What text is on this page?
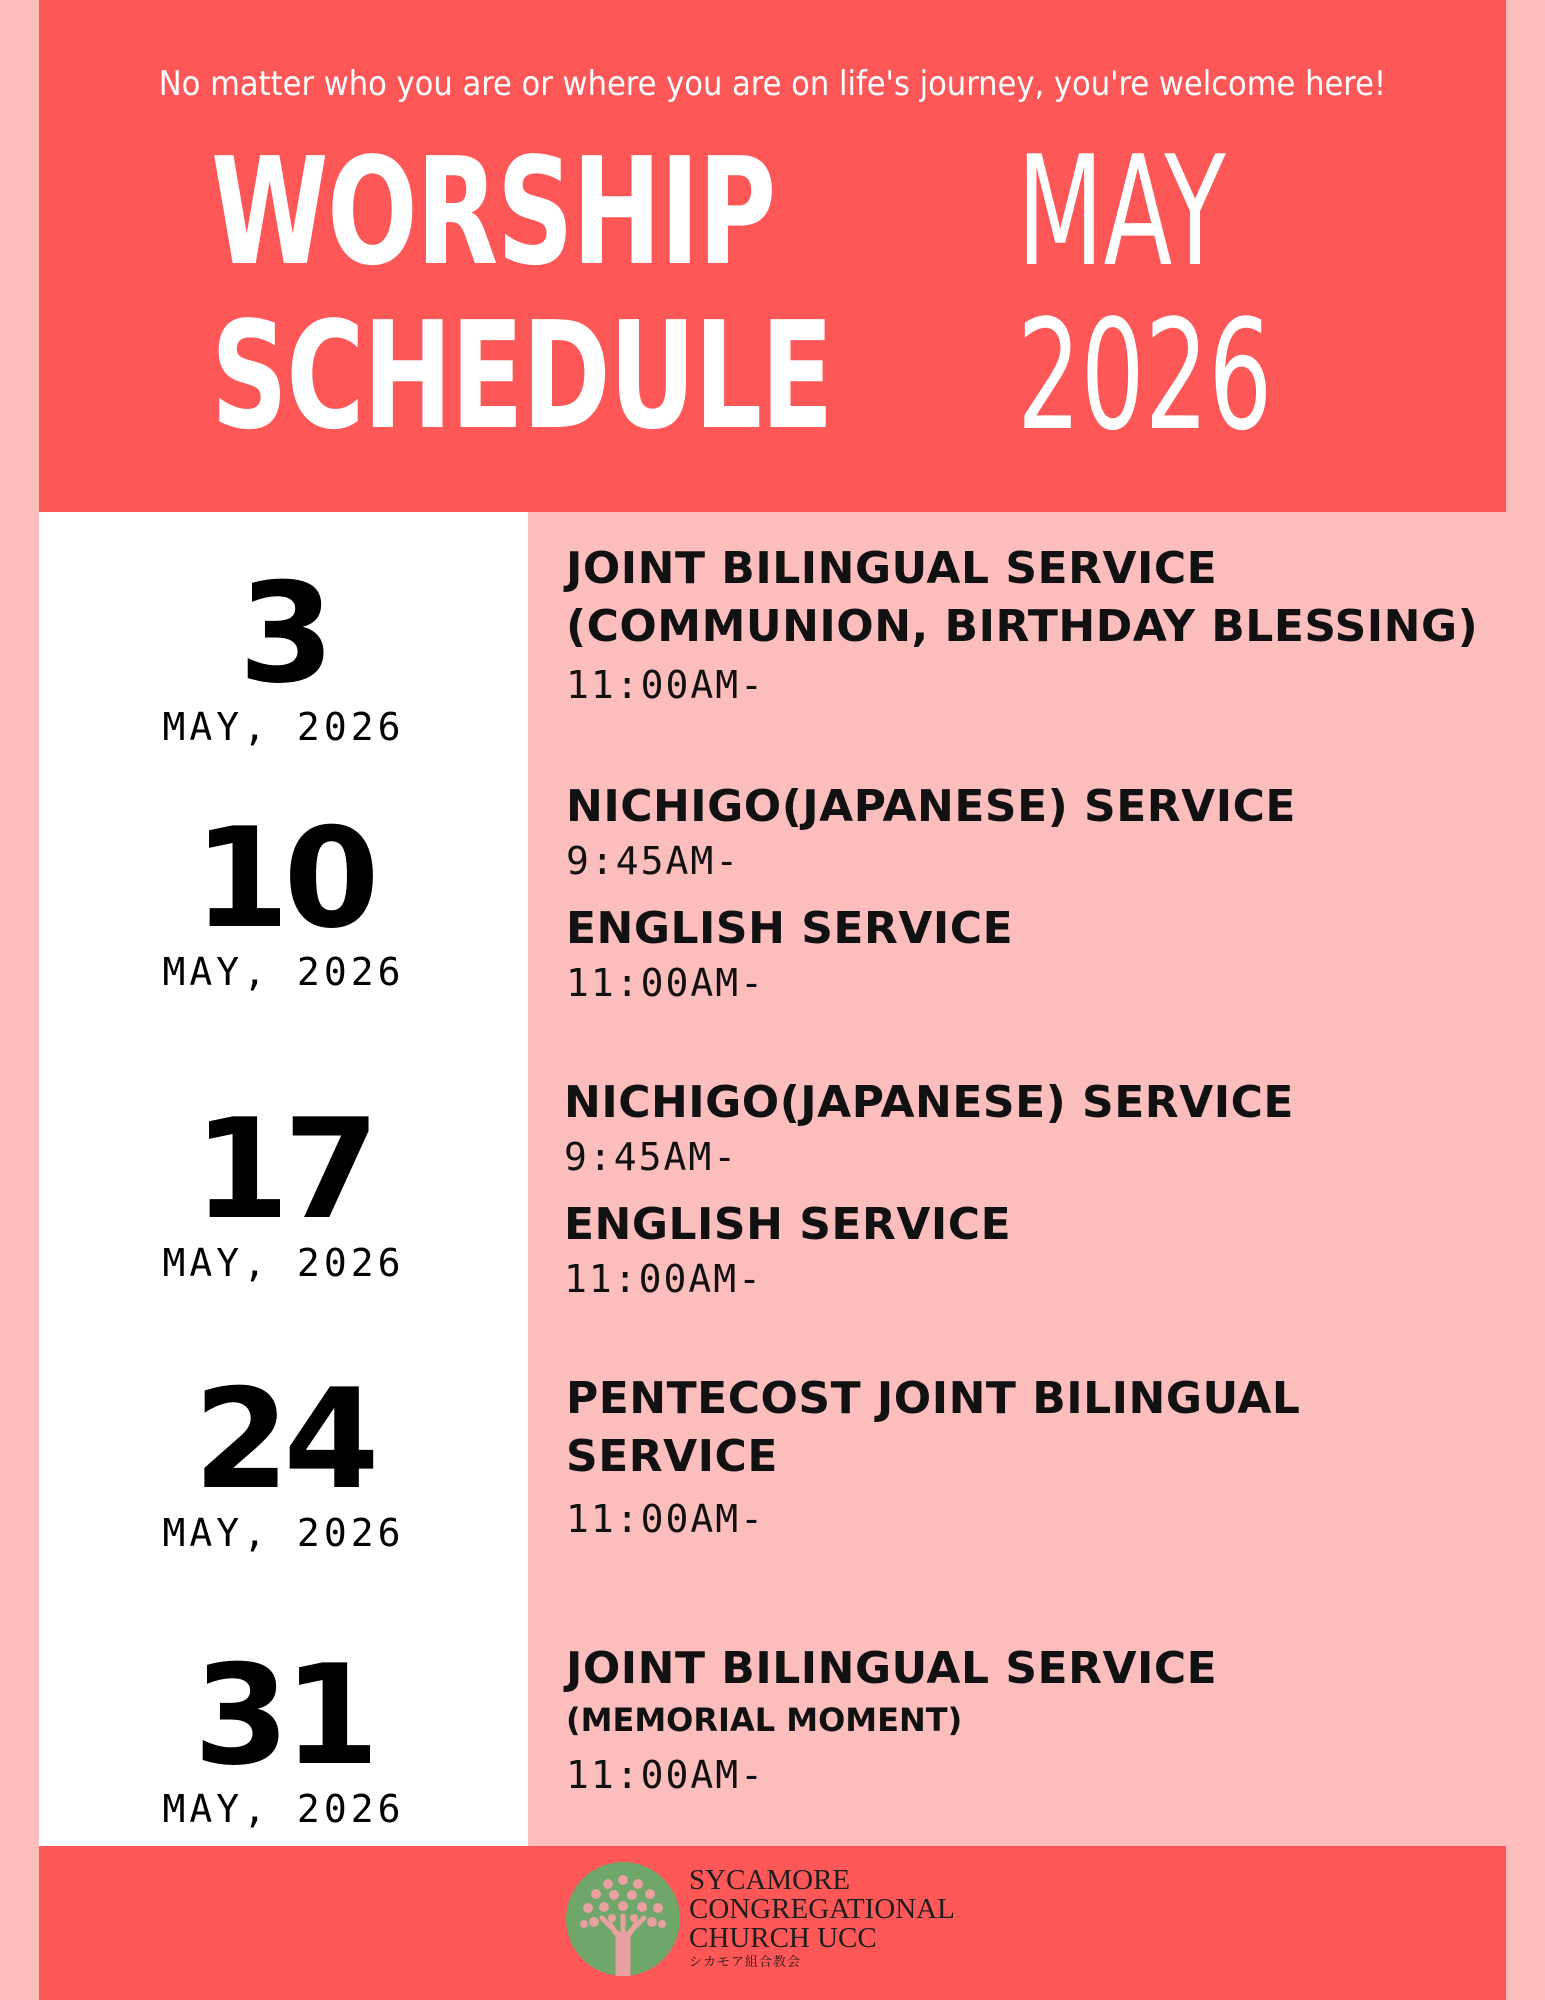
No matter who you are or where you are on life's journey, you're welcome here!
WORSHIP
SCHEDULE
MAY
2026
3
MAY, 2026
10
MAY, 2026
17
MAY, 2026
24
MAY, 2026
31
MAY, 2026
JOINT BILINGUAL SERVICE
(COMMUNION, BIRTHDAY BLESSING)
11:00AM-
NICHIGO(JAPANESE) SERVICE
9:45AM-
ENGLISH SERVICE
11:00AM-
NICHIGO(JAPANESE) SERVICE
9:45AM-
ENGLISH SERVICE
11:00AM-
PENTECOST JOINT BILINGUAL
SERVICE
11:00AM-
JOINT BILINGUAL SERVICE
(MEMORIAL MOMENT)
11:00AM-
SYCAMORE
CONGREGATIONAL
CHURCH UCC
シカモア組合教会
